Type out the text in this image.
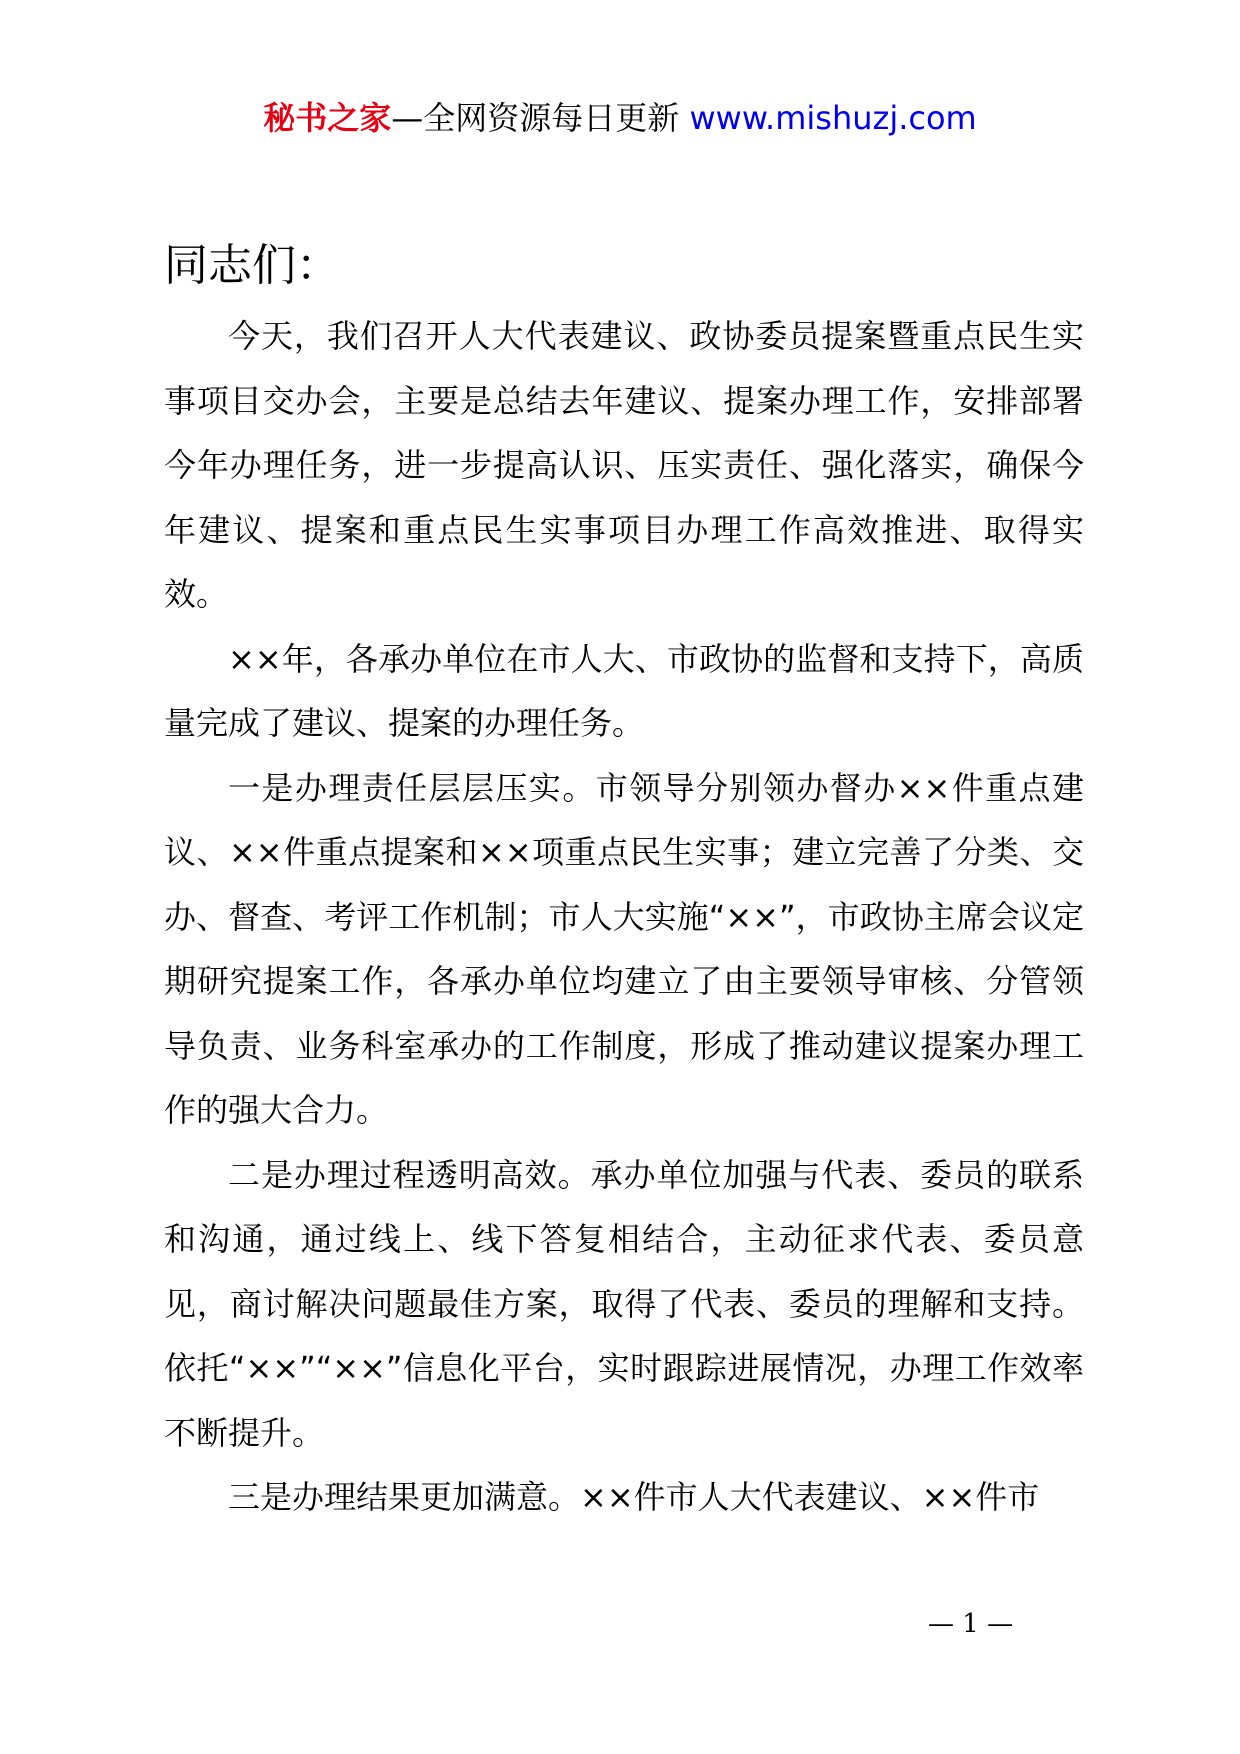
秘书之家—全网资源每日更新 www.mishuzj.com
同志们：

今天，我们召开人大代表建议、政协委员提案暨重点民生实事项目交办会，主要是总结去年建议、提案办理工作，安排部署今年办理任务，进一步提高认识、压实责任、强化落实，确保今年建议、提案和重点民生实事项目办理工作高效推进、取得实效。

××年，各承办单位在市人大、市政协的监督和支持下，高质量完成了建议、提案的办理任务。

一是办理责任层层压实。市领导分别领办督办××件重点建议、××件重点提案和××项重点民生实事；建立完善了分类、交办、督查、考评工作机制；市人大实施“××”，市政协主席会议定期研究提案工作，各承办单位均建立了由主要领导审核、分管领导负责、业务科室承办的工作制度，形成了推动建议提案办理工作的强大合力。

二是办理过程透明高效。承办单位加强与代表、委员的联系和沟通，通过线上、线下答复相结合，主动征求代表、委员意见，商讨解决问题最佳方案，取得了代表、委员的理解和支持。依托“××”“××”信息化平台，实时跟踪进展情况，办理工作效率不断提升。

三是办理结果更加满意。××件市人大代表建议、××件市

— 1 —
